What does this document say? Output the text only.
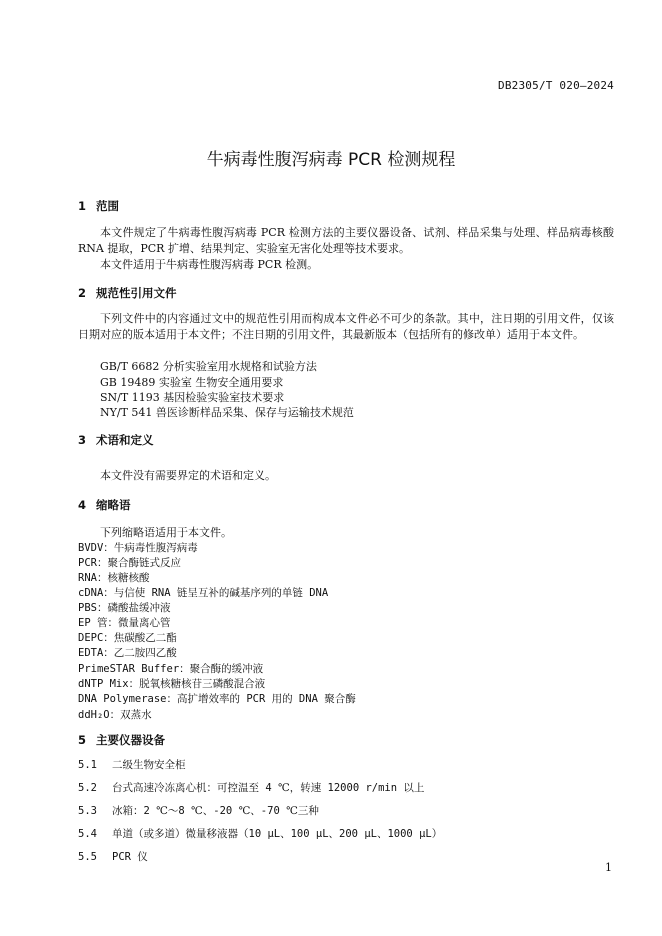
DB2305/T 020—2024
牛病毒性腹泻病毒 PCR 检测规程
1 范围
本文件规定了牛病毒性腹泻病毒 PCR 检测方法的主要仪器设备、试剂、样品采集与处理、样品病毒核酸 RNA 提取，PCR 扩增、结果判定、实验室无害化处理等技术要求。
本文件适用于牛病毒性腹泻病毒 PCR 检测。
2 规范性引用文件
下列文件中的内容通过文中的规范性引用而构成本文件必不可少的条款。其中，注日期的引用文件，仅该日期对应的版本适用于本文件；不注日期的引用文件，其最新版本（包括所有的修改单）适用于本文件。
GB/T 6682 分析实验室用水规格和试验方法
GB 19489 实验室 生物安全通用要求
SN/T 1193 基因检验实验室技术要求
NY/T 541 兽医诊断样品采集、保存与运输技术规范
3 术语和定义
本文件没有需要界定的术语和定义。
4 缩略语
下列缩略语适用于本文件。
BVDV：牛病毒性腹泻病毒
PCR：聚合酶链式反应
RNA：核糖核酸
cDNA：与信使 RNA 链呈互补的碱基序列的单链 DNA
PBS：磷酸盐缓冲液
EP 管：微量离心管
DEPC：焦碳酸乙二酯
EDTA：乙二胺四乙酸
PrimeSTAR Buffer：聚合酶的缓冲液
dNTP Mix：脱氧核糖核苷三磷酸混合液
DNA Polymerase：高扩增效率的 PCR 用的 DNA 聚合酶
ddH₂O：双蒸水
5 主要仪器设备
5.1 二级生物安全柜
5.2 台式高速冷冻离心机：可控温至 4 ℃，转速 12000 r/min 以上
5.3 冰箱：2 ℃～8 ℃、-20 ℃、-70 ℃三种
5.4 单道（或多道）微量移液器（10 μL、100 μL、200 μL、1000 μL）
5.5 PCR 仪
1
